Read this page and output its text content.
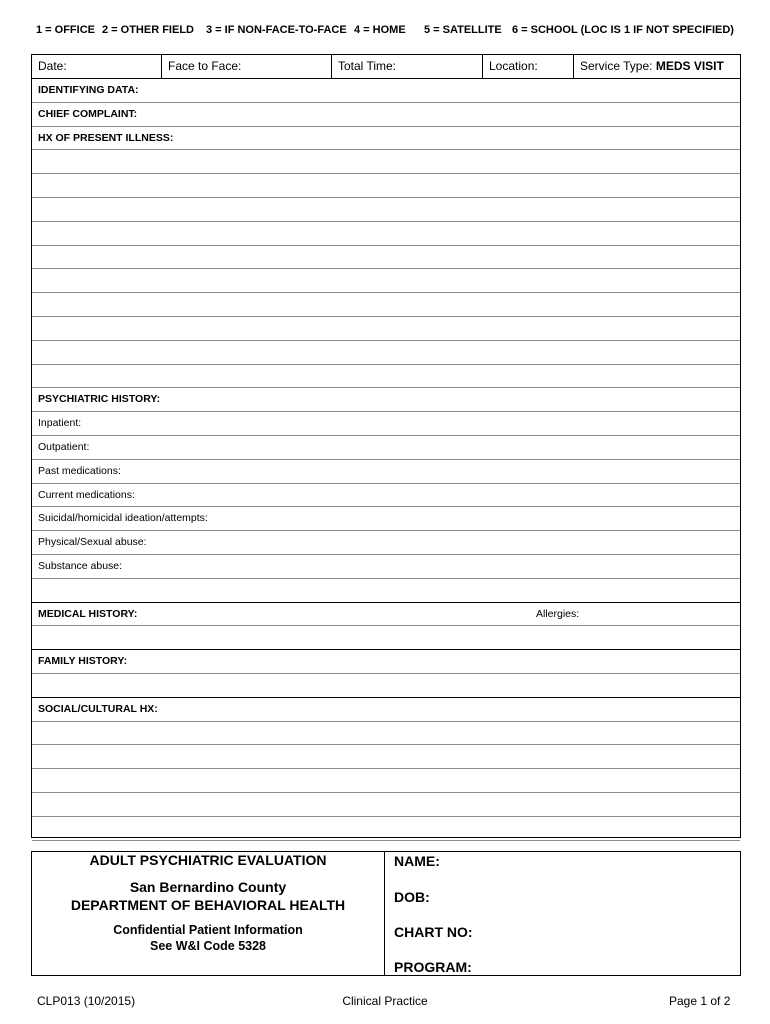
1 = OFFICE 2 = OTHER FIELD 3 = IF NON-FACE-TO-FACE 4 = HOME 5 = SATELLITE 6 = SCHOOL (LOC IS 1 IF NOT SPECIFIED)
Date:	Face to Face:	Total Time:	Location:	Service Type: MEDS VISIT
IDENTIFYING DATA:
CHIEF COMPLAINT:
HX OF PRESENT ILLNESS:
PSYCHIATRIC HISTORY:
Inpatient:
Outpatient:
Past medications:
Current medications:
Suicidal/homicidal ideation/attempts:
Physical/Sexual abuse:
Substance abuse:
MEDICAL HISTORY:	Allergies:
FAMILY HISTORY:
SOCIAL/CULTURAL HX:
ADULT PSYCHIATRIC EVALUATION
San Bernardino County
DEPARTMENT OF BEHAVIORAL HEALTH
Confidential Patient Information
See W&I Code 5328
NAME:
DOB:
CHART NO:
PROGRAM:
CLP013 (10/2015)	Clinical Practice	Page 1 of 2
